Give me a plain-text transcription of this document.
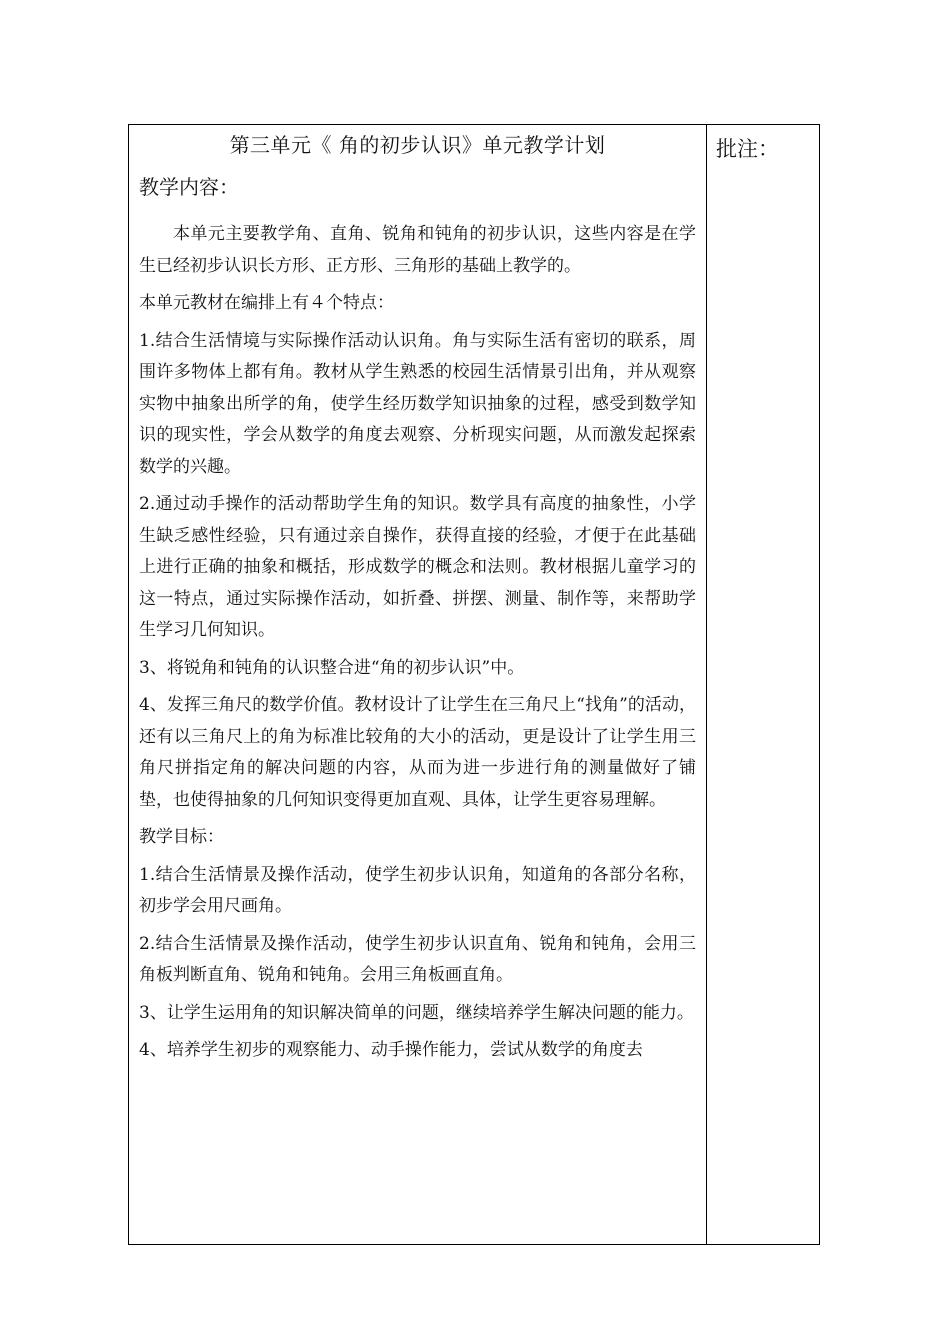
第三单元《 角的初步认识》单元教学计划
教学内容：

本单元主要教学角、直角、锐角和钝角的初步认识，这些内容是在学生已经初步认识长方形、正方形、三角形的基础上教学的。

本单元教材在编排上有４个特点：

1.结合生活情境与实际操作活动认识角。角与实际生活有密切的联系，周围许多物体上都有角。教材从学生熟悉的校园生活情景引出角，并从观察实物中抽象出所学的角，使学生经历数学知识抽象的过程，感受到数学知识的现实性，学会从数学的角度去观察、分析现实问题，从而激发起探索数学的兴趣。

2.通过动手操作的活动帮助学生角的知识。数学具有高度的抽象性，小学生缺乏感性经验，只有通过亲自操作，获得直接的经验，才便于在此基础上进行正确的抽象和概括，形成数学的概念和法则。教材根据儿童学习的这一特点，通过实际操作活动，如折叠、拼摆、测量、制作等，来帮助学生学习几何知识。

3、将锐角和钝角的认识整合进“角的初步认识”中。

4、发挥三角尺的数学价值。教材设计了让学生在三角尺上“找角”的活动，还有以三角尺上的角为标准比较角的大小的活动，更是设计了让学生用三角尺拼指定角的解决问题的内容，从而为进一步进行角的测量做好了铺垫，也使得抽象的几何知识变得更加直观、具体，让学生更容易理解。

教学目标：

1.结合生活情景及操作活动，使学生初步认识角，知道角的各部分名称，初步学会用尺画角。

2.结合生活情景及操作活动，使学生初步认识直角、锐角和钝角，会用三角板判断直角、锐角和钝角。会用三角板画直角。

3、让学生运用角的知识解决简单的问题，继续培养学生解决问题的能力。

4、培养学生初步的观察能力、动手操作能力，尝试从数学的角度去

批注：
